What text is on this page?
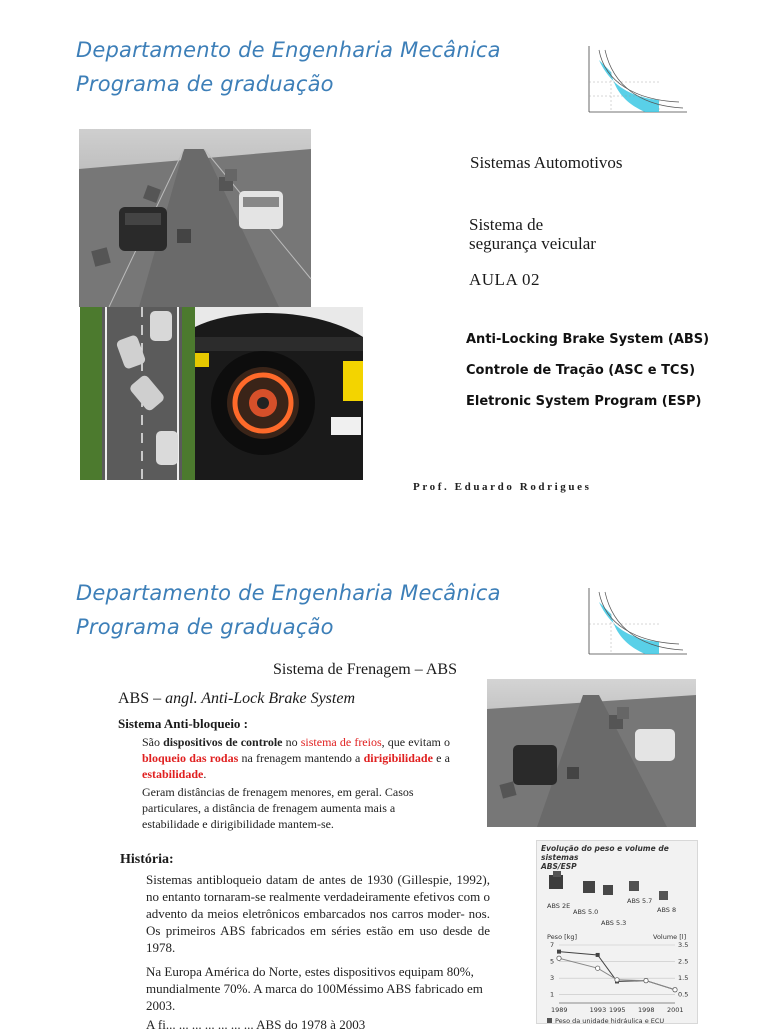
Departamento de Engenharia Mecânica
Programa de graduação
Sistemas Automotivos
Sistema de
segurança veicular
AULA 02
Anti-Locking Brake System (ABS)
Controle de Tração (ASC e TCS)
Eletronic System Program (ESP)
Prof. Eduardo Rodrigues
Departamento de Engenharia Mecânica
Programa de graduação
Sistema de Frenagem – ABS
ABS – angl. Anti-Lock Brake System
Sistema Anti-bloqueio :
São dispositivos de controle no sistema de freios, que evitam o bloqueio das rodas na frenagem mantendo a dirigibilidade e a estabilidade.
Geram distâncias de frenagem menores, em geral. Casos particulares, a distância de frenagem aumenta mais a estabilidade e dirigibilidade mantem-se.
História:
Sistemas antibloqueio datam de antes de 1930 (Gillespie, 1992), no entanto tornaram-se realmente verdadeiramente efetivos com o advento da meios eletrônicos embarcados nos carros moder- nos. Os primeiros ABS fabricados em séries estão em uso desde de 1978.
Na Europa América do Norte, estes dispositivos equipam 80%, mundialmente 70%. A marca do 100Méssimo ABS fabricado em 2003.
A fi... ... ... ... ... ... ... ABS do 1978 à 2003
Evolução do peso e volume de sistemas
ABS/ESP
ABS 2E
ABS 5.0
ABS 5.3
ABS 5.7
ABS 8
Peso [kg]	Volume [l]
7
5
3
1
3.5
2.5
1.5
0.5
1989	1993 1995 1998 2001
Peso da unidade hidráulica e ECU
